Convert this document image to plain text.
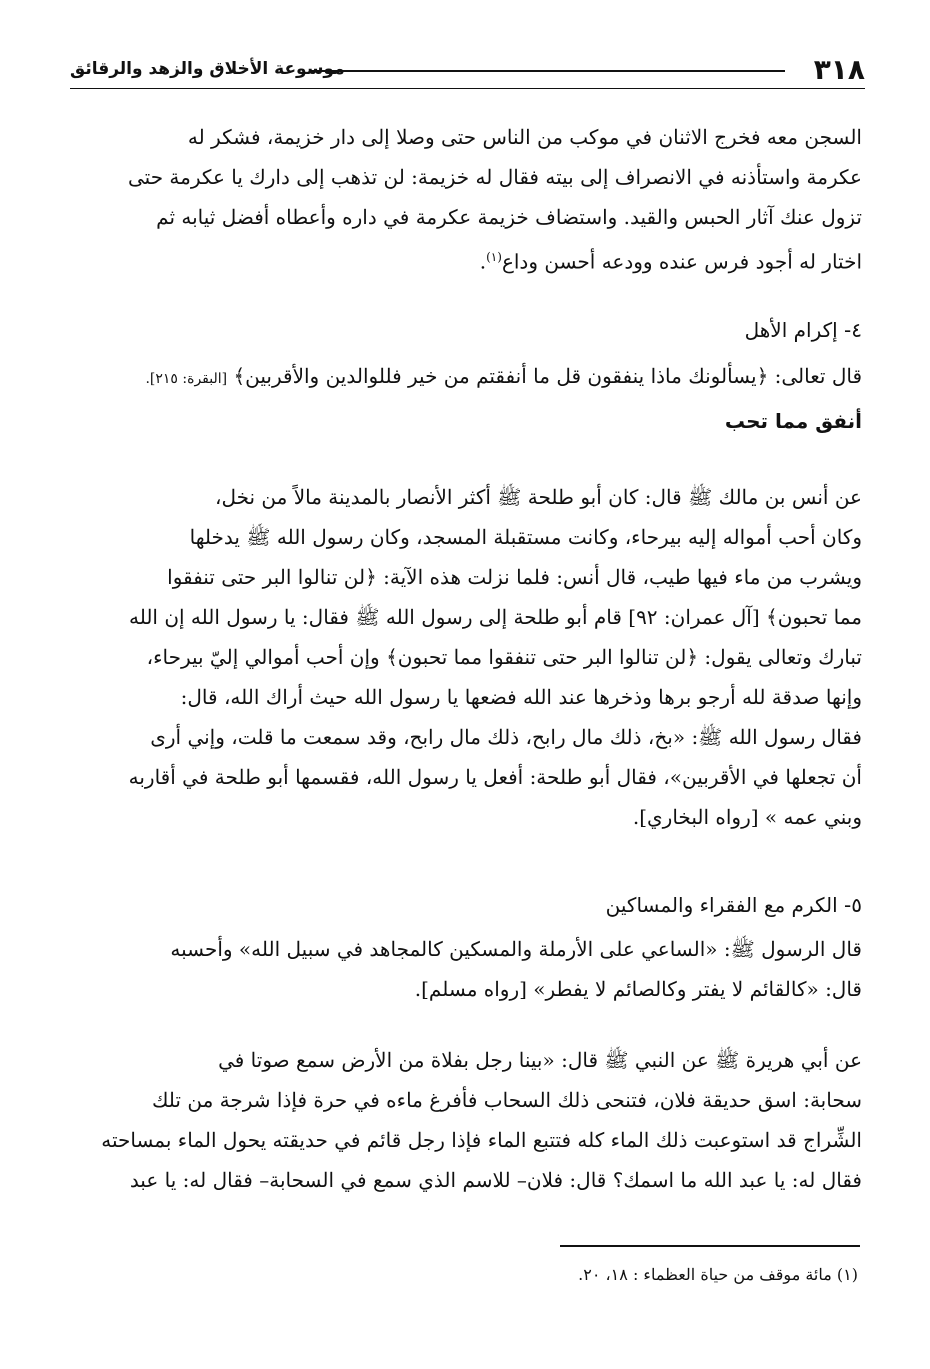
٣١٨
موسوعة الأخلاق والزهد والرقائق

السجن معه فخرج الاثنان في موكب من الناس حتى وصلا إلى دار خزيمة، فشكر له

عكرمة واستأذنه في الانصراف إلى بيته فقال له خزيمة: لن تذهب إلى دارك يا عكرمة حتى

تزول عنك آثار الحبس والقيد. واستضاف خزيمة عكرمة في داره وأعطاه أفضل ثيابه ثم

اختار له أجود فرس عنده وودعه أحسن وداع$^{(١)}$.

٤- إكرام الأهل

قال تعالى: ﴿يسألونك ماذا ينفقون قل ما أنفقتم من خير فللوالدين والأقربين﴾ [البقرة: ٢١٥].

أنفق مما تحب

عن أنس بن مالك ﷺ قال: كان أبو طلحة ﷺ أكثر الأنصار بالمدينة مالاً من نخل،

وكان أحب أمواله إليه بيرحاء، وكانت مستقبلة المسجد، وكان رسول الله ﷺ يدخلها

ويشرب من ماء فيها طيب، قال أنس: فلما نزلت هذه الآية: ﴿لن تنالوا البر حتى تنفقوا

مما تحبون﴾ [آل عمران: ٩٢] قام أبو طلحة إلى رسول الله ﷺ فقال: يا رسول الله إن الله

تبارك وتعالى يقول: ﴿لن تنالوا البر حتى تنفقوا مما تحبون﴾ وإن أحب أموالي إليّ بيرحاء،

وإنها صدقة لله أرجو برها وذخرها عند الله فضعها يا رسول الله حيث أراك الله، قال:

فقال رسول الله ﷺ: «بخ، ذلك مال رابح، ذلك مال رابح، وقد سمعت ما قلت، وإني أرى

أن تجعلها في الأقربين»، فقال أبو طلحة: أفعل يا رسول الله، فقسمها أبو طلحة في أقاربه

وبني عمه » [رواه البخاري].

٥- الكرم مع الفقراء والمساكين

قال الرسول ﷺ: «الساعي على الأرملة والمسكين كالمجاهد في سبيل الله» وأحسبه

قال: «كالقائم لا يفتر وكالصائم لا يفطر» [رواه مسلم].

عن أبي هريرة ﷺ عن النبي ﷺ قال: «بينا رجل بفلاة من الأرض سمع صوتا في

سحابة: اسق حديقة فلان، فتنحى ذلك السحاب فأفرغ ماءه في حرة فإذا شرجة من تلك

الشِّراج قد استوعبت ذلك الماء كله فتتبع الماء فإذا رجل قائم في حديقته يحول الماء بمساحته

فقال له: يا عبد الله ما اسمك؟ قال: فلان– للاسم الذي سمع في السحابة– فقال له: يا عبد

(١) مائة موقف من حياة العظماء : ١٨، ٢٠.
